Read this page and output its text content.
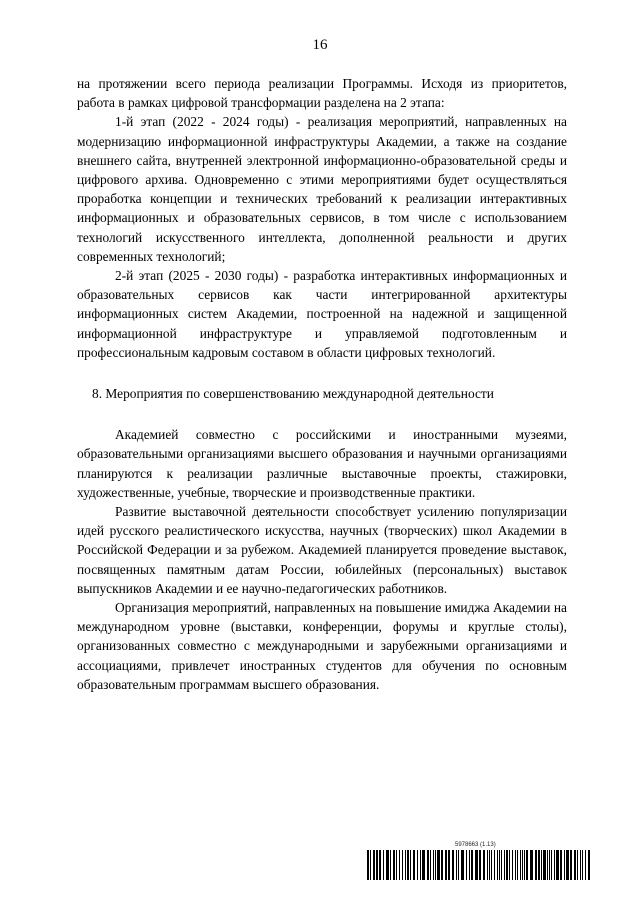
16

на протяжении всего периода реализации Программы. Исходя из приоритетов, работа в рамках цифровой трансформации разделена на 2 этапа:

1-й этап (2022 - 2024 годы) - реализация мероприятий, направленных на модернизацию информационной инфраструктуры Академии, а также на создание внешнего сайта, внутренней электронной информационно-образовательной среды и цифрового архива. Одновременно с этими мероприятиями будет осуществляться проработка концепции и технических требований к реализации интерактивных информационных и образовательных сервисов, в том числе с использованием технологий искусственного интеллекта, дополненной реальности и других современных технологий;

2-й этап (2025 - 2030 годы) - разработка интерактивных информационных и образовательных сервисов как части интегрированной архитектуры информационных систем Академии, построенной на надежной и защищенной информационной инфраструктуре и управляемой подготовленным и профессиональным кадровым составом в области цифровых технологий.

8. Мероприятия по совершенствованию международной деятельности

Академией совместно с российскими и иностранными музеями, образовательными организациями высшего образования и научными организациями планируются к реализации различные выставочные проекты, стажировки, художественные, учебные, творческие и производственные практики.

Развитие выставочной деятельности способствует усилению популяризации идей русского реалистического искусства, научных (творческих) школ Академии в Российской Федерации и за рубежом. Академией планируется проведение выставок, посвященных памятным датам России, юбилейных (персональных) выставок выпускников Академии и ее научно-педагогических работников.

Организация мероприятий, направленных на повышение имиджа Академии на международном уровне (выставки, конференции, форумы и круглые столы), организованных совместно с международными и зарубежными организациями и ассоциациями, привлечет иностранных студентов для обучения по основным образовательным программам высшего образования.

5978663 (1.13)
